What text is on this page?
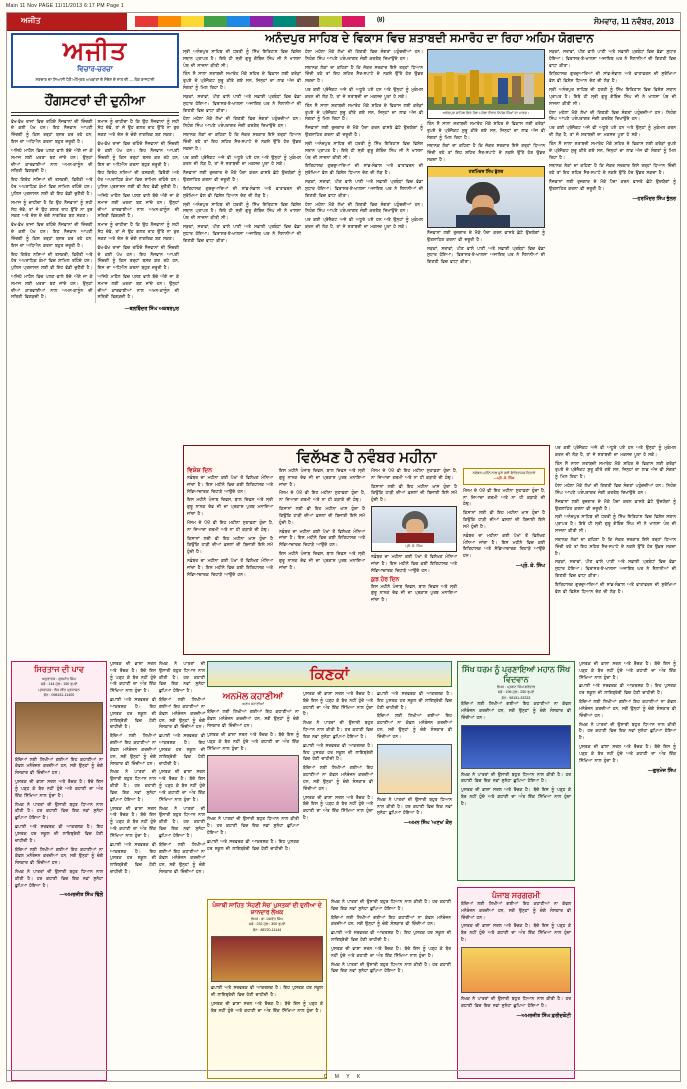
Main 11 Nov PAGE 11/11/2013 6:17 PM Page 1
ਅਜੀਤ	(੪)	ਸੋਮਵਾਰ, 11 ਨਵੰਬਰ, 2013
ਅਜੀਤ
ਵਿਚਾਰ-ਚਰਚਾ
ਸਰਦਾਰ ਦਾ ਸਿਆਸੀ ਪੈਰੋਂ ਅੰਮ੍ਰਿਤ ਅਖਬਾਰਾਂ ਦੇ ਸੰਦੇਸ਼ ਦੇ ਨਾਲ ਦੀ — ਲੋਕ ਰਾਜਧਾਨੀ
ਹੌਂਗਸਟਰਾਂ ਦੀ ਦੁਨੀਆ
ਵੱਖ-ਵੱਖ ਰਾਜਾਂ ਵਿਚ ਰਹਿੰਦੇ ਨੌਜਵਾਨਾਂ ਦੀ ਜ਼ਿੰਦਗੀ ਦੇ ਕਈ ਪੱਖ ਹਨ। ਇਹ ਨੌਜਵਾਨ ਆਪਣੀ ਜ਼ਿੰਦਗੀ ਨੂੰ ਕਿਸ ਤਰ੍ਹਾਂ ਬਸਰ ਕਰ ਰਹੇ ਹਨ, ਇਸ ਦਾ ਅਧਿਐਨ ਕਰਨਾ ਬਹੁਤ ਜ਼ਰੂਰੀ ਹੈ।
ਅਜਿਹੇ ਮਾਹੌਲ ਵਿਚ ਪਲਣ ਵਾਲੇ ਬੱਚੇ ਅੱਗੇ ਜਾ ਕੇ ਸਮਾਜ ਲਈ ਖ਼ਤਰਾ ਬਣ ਜਾਂਦੇ ਹਨ। ਉਨ੍ਹਾਂ ਦੀਆਂ ਕਾਰਵਾਈਆਂ ਨਾਲ ਅਮਨ-ਕਾਨੂੰਨ ਦੀ ਸਥਿਤੀ ਵਿਗੜਦੀ ਹੈ।
ਇਹ ਗਿਰੋਹ ਨਸ਼ਿਆਂ ਦੀ ਤਸਕਰੀ, ਫਿਰੌਤੀ ਅਤੇ ਹੋਰ ਅਪਰਾਧਿਕ ਕੰਮਾਂ ਵਿਚ ਸ਼ਾਮਿਲ ਰਹਿੰਦੇ ਹਨ। ਪੁਲਿਸ ਪ੍ਰਸ਼ਾਸਨ ਲਈ ਵੀ ਇਹ ਵੱਡੀ ਚੁਣੌਤੀ ਹੈ।
ਸਮਾਜ ਨੂੰ ਚਾਹੀਦਾ ਹੈ ਕਿ ਉਹ ਨੌਜਵਾਨਾਂ ਨੂੰ ਸਹੀ ਸੇਧ ਦੇਵੇ, ਤਾਂ ਜੋ ਉਹ ਗਲਤ ਰਾਹ ਉੱਤੇ ਨਾ ਤੁਰ ਸਕਣ ਅਤੇ ਦੇਸ਼ ਦੇ ਚੰਗੇ ਨਾਗਰਿਕ ਬਣ ਸਕਣ।
ਵੱਖ-ਵੱਖ ਰਾਜਾਂ ਵਿਚ ਰਹਿੰਦੇ ਨੌਜਵਾਨਾਂ ਦੀ ਜ਼ਿੰਦਗੀ ਦੇ ਕਈ ਪੱਖ ਹਨ। ਇਹ ਨੌਜਵਾਨ ਆਪਣੀ ਜ਼ਿੰਦਗੀ ਨੂੰ ਕਿਸ ਤਰ੍ਹਾਂ ਬਸਰ ਕਰ ਰਹੇ ਹਨ, ਇਸ ਦਾ ਅਧਿਐਨ ਕਰਨਾ ਬਹੁਤ ਜ਼ਰੂਰੀ ਹੈ।
ਇਹ ਗਿਰੋਹ ਨਸ਼ਿਆਂ ਦੀ ਤਸਕਰੀ, ਫਿਰੌਤੀ ਅਤੇ ਹੋਰ ਅਪਰਾਧਿਕ ਕੰਮਾਂ ਵਿਚ ਸ਼ਾਮਿਲ ਰਹਿੰਦੇ ਹਨ। ਪੁਲਿਸ ਪ੍ਰਸ਼ਾਸਨ ਲਈ ਵੀ ਇਹ ਵੱਡੀ ਚੁਣੌਤੀ ਹੈ।
ਅਜਿਹੇ ਮਾਹੌਲ ਵਿਚ ਪਲਣ ਵਾਲੇ ਬੱਚੇ ਅੱਗੇ ਜਾ ਕੇ ਸਮਾਜ ਲਈ ਖ਼ਤਰਾ ਬਣ ਜਾਂਦੇ ਹਨ। ਉਨ੍ਹਾਂ ਦੀਆਂ ਕਾਰਵਾਈਆਂ ਨਾਲ ਅਮਨ-ਕਾਨੂੰਨ ਦੀ ਸਥਿਤੀ ਵਿਗੜਦੀ ਹੈ।
ਸਮਾਜ ਨੂੰ ਚਾਹੀਦਾ ਹੈ ਕਿ ਉਹ ਨੌਜਵਾਨਾਂ ਨੂੰ ਸਹੀ ਸੇਧ ਦੇਵੇ, ਤਾਂ ਜੋ ਉਹ ਗਲਤ ਰਾਹ ਉੱਤੇ ਨਾ ਤੁਰ ਸਕਣ ਅਤੇ ਦੇਸ਼ ਦੇ ਚੰਗੇ ਨਾਗਰਿਕ ਬਣ ਸਕਣ।
ਵੱਖ-ਵੱਖ ਰਾਜਾਂ ਵਿਚ ਰਹਿੰਦੇ ਨੌਜਵਾਨਾਂ ਦੀ ਜ਼ਿੰਦਗੀ ਦੇ ਕਈ ਪੱਖ ਹਨ। ਇਹ ਨੌਜਵਾਨ ਆਪਣੀ ਜ਼ਿੰਦਗੀ ਨੂੰ ਕਿਸ ਤਰ੍ਹਾਂ ਬਸਰ ਕਰ ਰਹੇ ਹਨ, ਇਸ ਦਾ ਅਧਿਐਨ ਕਰਨਾ ਬਹੁਤ ਜ਼ਰੂਰੀ ਹੈ।
ਇਹ ਗਿਰੋਹ ਨਸ਼ਿਆਂ ਦੀ ਤਸਕਰੀ, ਫਿਰੌਤੀ ਅਤੇ ਹੋਰ ਅਪਰਾਧਿਕ ਕੰਮਾਂ ਵਿਚ ਸ਼ਾਮਿਲ ਰਹਿੰਦੇ ਹਨ। ਪੁਲਿਸ ਪ੍ਰਸ਼ਾਸਨ ਲਈ ਵੀ ਇਹ ਵੱਡੀ ਚੁਣੌਤੀ ਹੈ।
ਅਜਿਹੇ ਮਾਹੌਲ ਵਿਚ ਪਲਣ ਵਾਲੇ ਬੱਚੇ ਅੱਗੇ ਜਾ ਕੇ ਸਮਾਜ ਲਈ ਖ਼ਤਰਾ ਬਣ ਜਾਂਦੇ ਹਨ। ਉਨ੍ਹਾਂ ਦੀਆਂ ਕਾਰਵਾਈਆਂ ਨਾਲ ਅਮਨ-ਕਾਨੂੰਨ ਦੀ ਸਥਿਤੀ ਵਿਗੜਦੀ ਹੈ।
ਸਮਾਜ ਨੂੰ ਚਾਹੀਦਾ ਹੈ ਕਿ ਉਹ ਨੌਜਵਾਨਾਂ ਨੂੰ ਸਹੀ ਸੇਧ ਦੇਵੇ, ਤਾਂ ਜੋ ਉਹ ਗਲਤ ਰਾਹ ਉੱਤੇ ਨਾ ਤੁਰ ਸਕਣ ਅਤੇ ਦੇਸ਼ ਦੇ ਚੰਗੇ ਨਾਗਰਿਕ ਬਣ ਸਕਣ।
ਵੱਖ-ਵੱਖ ਰਾਜਾਂ ਵਿਚ ਰਹਿੰਦੇ ਨੌਜਵਾਨਾਂ ਦੀ ਜ਼ਿੰਦਗੀ ਦੇ ਕਈ ਪੱਖ ਹਨ। ਇਹ ਨੌਜਵਾਨ ਆਪਣੀ ਜ਼ਿੰਦਗੀ ਨੂੰ ਕਿਸ ਤਰ੍ਹਾਂ ਬਸਰ ਕਰ ਰਹੇ ਹਨ, ਇਸ ਦਾ ਅਧਿਐਨ ਕਰਨਾ ਬਹੁਤ ਜ਼ਰੂਰੀ ਹੈ।
ਅਜਿਹੇ ਮਾਹੌਲ ਵਿਚ ਪਲਣ ਵਾਲੇ ਬੱਚੇ ਅੱਗੇ ਜਾ ਕੇ ਸਮਾਜ ਲਈ ਖ਼ਤਰਾ ਬਣ ਜਾਂਦੇ ਹਨ। ਉਨ੍ਹਾਂ ਦੀਆਂ ਕਾਰਵਾਈਆਂ ਨਾਲ ਅਮਨ-ਕਾਨੂੰਨ ਦੀ ਸਥਿਤੀ ਵਿਗੜਦੀ ਹੈ।
—ਬਲਵਿੰਦਰ ਸਿੰਘ ਅਕਬਰਪੁਰ
ਅਨੰਦਪੁਰ ਸਾਹਿਬ ਦੇ ਵਿਕਾਸ ਵਿਚ ਸ਼ਤਾਬਦੀ ਸਮਾਰੋਹ ਦਾ ਰਿਹਾ ਅਹਿਮ ਯੋਗਦਾਨ
ਸ੍ਰੀ ਅਨੰਦਪੁਰ ਸਾਹਿਬ ਦੀ ਧਰਤੀ ਨੂੰ ਸਿੱਖ ਇਤਿਹਾਸ ਵਿਚ ਵਿਸ਼ੇਸ਼ ਸਥਾਨ ਪ੍ਰਾਪਤ ਹੈ। ਇਥੇ ਹੀ ਸ੍ਰੀ ਗੁਰੂ ਗੋਬਿੰਦ ਸਿੰਘ ਜੀ ਨੇ ਖਾਲਸਾ ਪੰਥ ਦੀ ਸਾਜਨਾ ਕੀਤੀ ਸੀ।
ਤਿੰਨ ਸੌ ਸਾਲਾ ਸ਼ਤਾਬਦੀ ਸਮਾਰੋਹ ਮੌਕੇ ਸ਼ਹਿਰ ਦੇ ਵਿਕਾਸ ਲਈ ਕਰੋੜਾਂ ਰੁਪਏ ਦੇ ਪ੍ਰੋਜੈਕਟ ਸ਼ੁਰੂ ਕੀਤੇ ਗਏ ਸਨ, ਜਿਨ੍ਹਾਂ ਦਾ ਲਾਭ ਅੱਜ ਵੀ ਸੰਗਤਾਂ ਨੂੰ ਮਿਲ ਰਿਹਾ ਹੈ।
ਸੜਕਾਂ, ਸਰਾਵਾਂ, ਪੀਣ ਵਾਲੇ ਪਾਣੀ ਅਤੇ ਸਫ਼ਾਈ ਪ੍ਰਬੰਧਾਂ ਵਿਚ ਵੱਡਾ ਸੁਧਾਰ ਹੋਇਆ। ਵਿਰਾਸਤ-ਏ-ਖਾਲਸਾ ਅਜਾਇਬ ਘਰ ਨੇ ਸੈਲਾਨੀਆਂ ਦੀ ਗਿਣਤੀ ਵਿਚ ਵਾਧਾ ਕੀਤਾ।
ਹੋਲਾ ਮਹੱਲਾ ਮੌਕੇ ਲੱਖਾਂ ਦੀ ਗਿਣਤੀ ਵਿਚ ਸੰਗਤਾਂ ਪਹੁੰਚਦੀਆਂ ਹਨ। ਨਿਹੰਗ ਸਿੰਘ ਆਪਣੇ ਪਰੰਪਰਾਗਤ ਜੰਗੀ ਕਰਤੱਬ ਦਿਖਾਉਂਦੇ ਹਨ।
ਸਥਾਨਕ ਲੋਕਾਂ ਦਾ ਕਹਿਣਾ ਹੈ ਕਿ ਜੇਕਰ ਸਰਕਾਰ ਇਸੇ ਤਰ੍ਹਾਂ ਧਿਆਨ ਦਿੰਦੀ ਰਹੇ ਤਾਂ ਇਹ ਸ਼ਹਿਰ ਸੈਰ-ਸਪਾਟੇ ਦੇ ਨਕਸ਼ੇ ਉੱਤੇ ਹੋਰ ਉਭਰ ਸਕਦਾ ਹੈ।
ਪਰ ਕਈ ਪ੍ਰੋਜੈਕਟ ਅਜੇ ਵੀ ਅਧੂਰੇ ਪਏ ਹਨ ਅਤੇ ਉਨ੍ਹਾਂ ਨੂੰ ਮੁਕੰਮਲ ਕਰਨ ਦੀ ਲੋੜ ਹੈ, ਤਾਂ ਜੋ ਸ਼ਤਾਬਦੀ ਦਾ ਮਕਸਦ ਪੂਰਾ ਹੋ ਸਕੇ।
ਨੌਜਵਾਨਾਂ ਲਈ ਰੁਜ਼ਗਾਰ ਦੇ ਮੌਕੇ ਪੈਦਾ ਕਰਨ ਵਾਸਤੇ ਛੋਟੇ ਉਦਯੋਗਾਂ ਨੂੰ ਉਤਸ਼ਾਹਿਤ ਕਰਨਾ ਵੀ ਜ਼ਰੂਰੀ ਹੈ।
ਇਤਿਹਾਸਕ ਗੁਰਦੁਆਰਿਆਂ ਦੀ ਸਾਂਭ-ਸੰਭਾਲ ਅਤੇ ਵਾਤਾਵਰਨ ਦੀ ਸੁਰੱਖਿਆ ਵੱਲ ਵੀ ਵਿਸ਼ੇਸ਼ ਧਿਆਨ ਦੇਣ ਦੀ ਲੋੜ ਹੈ।
ਸ੍ਰੀ ਅਨੰਦਪੁਰ ਸਾਹਿਬ ਦੀ ਧਰਤੀ ਨੂੰ ਸਿੱਖ ਇਤਿਹਾਸ ਵਿਚ ਵਿਸ਼ੇਸ਼ ਸਥਾਨ ਪ੍ਰਾਪਤ ਹੈ। ਇਥੇ ਹੀ ਸ੍ਰੀ ਗੁਰੂ ਗੋਬਿੰਦ ਸਿੰਘ ਜੀ ਨੇ ਖਾਲਸਾ ਪੰਥ ਦੀ ਸਾਜਨਾ ਕੀਤੀ ਸੀ।
ਸੜਕਾਂ, ਸਰਾਵਾਂ, ਪੀਣ ਵਾਲੇ ਪਾਣੀ ਅਤੇ ਸਫ਼ਾਈ ਪ੍ਰਬੰਧਾਂ ਵਿਚ ਵੱਡਾ ਸੁਧਾਰ ਹੋਇਆ। ਵਿਰਾਸਤ-ਏ-ਖਾਲਸਾ ਅਜਾਇਬ ਘਰ ਨੇ ਸੈਲਾਨੀਆਂ ਦੀ ਗਿਣਤੀ ਵਿਚ ਵਾਧਾ ਕੀਤਾ।
ਹੋਲਾ ਮਹੱਲਾ ਮੌਕੇ ਲੱਖਾਂ ਦੀ ਗਿਣਤੀ ਵਿਚ ਸੰਗਤਾਂ ਪਹੁੰਚਦੀਆਂ ਹਨ। ਨਿਹੰਗ ਸਿੰਘ ਆਪਣੇ ਪਰੰਪਰਾਗਤ ਜੰਗੀ ਕਰਤੱਬ ਦਿਖਾਉਂਦੇ ਹਨ।
ਸਥਾਨਕ ਲੋਕਾਂ ਦਾ ਕਹਿਣਾ ਹੈ ਕਿ ਜੇਕਰ ਸਰਕਾਰ ਇਸੇ ਤਰ੍ਹਾਂ ਧਿਆਨ ਦਿੰਦੀ ਰਹੇ ਤਾਂ ਇਹ ਸ਼ਹਿਰ ਸੈਰ-ਸਪਾਟੇ ਦੇ ਨਕਸ਼ੇ ਉੱਤੇ ਹੋਰ ਉਭਰ ਸਕਦਾ ਹੈ।
ਪਰ ਕਈ ਪ੍ਰੋਜੈਕਟ ਅਜੇ ਵੀ ਅਧੂਰੇ ਪਏ ਹਨ ਅਤੇ ਉਨ੍ਹਾਂ ਨੂੰ ਮੁਕੰਮਲ ਕਰਨ ਦੀ ਲੋੜ ਹੈ, ਤਾਂ ਜੋ ਸ਼ਤਾਬਦੀ ਦਾ ਮਕਸਦ ਪੂਰਾ ਹੋ ਸਕੇ।
ਤਿੰਨ ਸੌ ਸਾਲਾ ਸ਼ਤਾਬਦੀ ਸਮਾਰੋਹ ਮੌਕੇ ਸ਼ਹਿਰ ਦੇ ਵਿਕਾਸ ਲਈ ਕਰੋੜਾਂ ਰੁਪਏ ਦੇ ਪ੍ਰੋਜੈਕਟ ਸ਼ੁਰੂ ਕੀਤੇ ਗਏ ਸਨ, ਜਿਨ੍ਹਾਂ ਦਾ ਲਾਭ ਅੱਜ ਵੀ ਸੰਗਤਾਂ ਨੂੰ ਮਿਲ ਰਿਹਾ ਹੈ।
ਨੌਜਵਾਨਾਂ ਲਈ ਰੁਜ਼ਗਾਰ ਦੇ ਮੌਕੇ ਪੈਦਾ ਕਰਨ ਵਾਸਤੇ ਛੋਟੇ ਉਦਯੋਗਾਂ ਨੂੰ ਉਤਸ਼ਾਹਿਤ ਕਰਨਾ ਵੀ ਜ਼ਰੂਰੀ ਹੈ।
ਸ੍ਰੀ ਅਨੰਦਪੁਰ ਸਾਹਿਬ ਦੀ ਧਰਤੀ ਨੂੰ ਸਿੱਖ ਇਤਿਹਾਸ ਵਿਚ ਵਿਸ਼ੇਸ਼ ਸਥਾਨ ਪ੍ਰਾਪਤ ਹੈ। ਇਥੇ ਹੀ ਸ੍ਰੀ ਗੁਰੂ ਗੋਬਿੰਦ ਸਿੰਘ ਜੀ ਨੇ ਖਾਲਸਾ ਪੰਥ ਦੀ ਸਾਜਨਾ ਕੀਤੀ ਸੀ।
ਇਤਿਹਾਸਕ ਗੁਰਦੁਆਰਿਆਂ ਦੀ ਸਾਂਭ-ਸੰਭਾਲ ਅਤੇ ਵਾਤਾਵਰਨ ਦੀ ਸੁਰੱਖਿਆ ਵੱਲ ਵੀ ਵਿਸ਼ੇਸ਼ ਧਿਆਨ ਦੇਣ ਦੀ ਲੋੜ ਹੈ।
ਸੜਕਾਂ, ਸਰਾਵਾਂ, ਪੀਣ ਵਾਲੇ ਪਾਣੀ ਅਤੇ ਸਫ਼ਾਈ ਪ੍ਰਬੰਧਾਂ ਵਿਚ ਵੱਡਾ ਸੁਧਾਰ ਹੋਇਆ। ਵਿਰਾਸਤ-ਏ-ਖਾਲਸਾ ਅਜਾਇਬ ਘਰ ਨੇ ਸੈਲਾਨੀਆਂ ਦੀ ਗਿਣਤੀ ਵਿਚ ਵਾਧਾ ਕੀਤਾ।
ਹੋਲਾ ਮਹੱਲਾ ਮੌਕੇ ਲੱਖਾਂ ਦੀ ਗਿਣਤੀ ਵਿਚ ਸੰਗਤਾਂ ਪਹੁੰਚਦੀਆਂ ਹਨ। ਨਿਹੰਗ ਸਿੰਘ ਆਪਣੇ ਪਰੰਪਰਾਗਤ ਜੰਗੀ ਕਰਤੱਬ ਦਿਖਾਉਂਦੇ ਹਨ।
ਪਰ ਕਈ ਪ੍ਰੋਜੈਕਟ ਅਜੇ ਵੀ ਅਧੂਰੇ ਪਏ ਹਨ ਅਤੇ ਉਨ੍ਹਾਂ ਨੂੰ ਮੁਕੰਮਲ ਕਰਨ ਦੀ ਲੋੜ ਹੈ, ਤਾਂ ਜੋ ਸ਼ਤਾਬਦੀ ਦਾ ਮਕਸਦ ਪੂਰਾ ਹੋ ਸਕੇ।
ਅਨੰਦਪੁਰ ਸਾਹਿਬ ਵਿਖੇ ਹੋਲਾ ਮਹੱਲਾ ਦੌਰਾਨ ਨਿਹੰਗ ਸਿੰਘਾਂ ਦਾ ਮਾਰਚ।
ਤਿੰਨ ਸੌ ਸਾਲਾ ਸ਼ਤਾਬਦੀ ਸਮਾਰੋਹ ਮੌਕੇ ਸ਼ਹਿਰ ਦੇ ਵਿਕਾਸ ਲਈ ਕਰੋੜਾਂ ਰੁਪਏ ਦੇ ਪ੍ਰੋਜੈਕਟ ਸ਼ੁਰੂ ਕੀਤੇ ਗਏ ਸਨ, ਜਿਨ੍ਹਾਂ ਦਾ ਲਾਭ ਅੱਜ ਵੀ ਸੰਗਤਾਂ ਨੂੰ ਮਿਲ ਰਿਹਾ ਹੈ।
ਸਥਾਨਕ ਲੋਕਾਂ ਦਾ ਕਹਿਣਾ ਹੈ ਕਿ ਜੇਕਰ ਸਰਕਾਰ ਇਸੇ ਤਰ੍ਹਾਂ ਧਿਆਨ ਦਿੰਦੀ ਰਹੇ ਤਾਂ ਇਹ ਸ਼ਹਿਰ ਸੈਰ-ਸਪਾਟੇ ਦੇ ਨਕਸ਼ੇ ਉੱਤੇ ਹੋਰ ਉਭਰ ਸਕਦਾ ਹੈ।
ਹਰਮਿੰਦਰ ਸਿੰਘ ਭੁੱਲਰ
ਨੌਜਵਾਨਾਂ ਲਈ ਰੁਜ਼ਗਾਰ ਦੇ ਮੌਕੇ ਪੈਦਾ ਕਰਨ ਵਾਸਤੇ ਛੋਟੇ ਉਦਯੋਗਾਂ ਨੂੰ ਉਤਸ਼ਾਹਿਤ ਕਰਨਾ ਵੀ ਜ਼ਰੂਰੀ ਹੈ।
ਸੜਕਾਂ, ਸਰਾਵਾਂ, ਪੀਣ ਵਾਲੇ ਪਾਣੀ ਅਤੇ ਸਫ਼ਾਈ ਪ੍ਰਬੰਧਾਂ ਵਿਚ ਵੱਡਾ ਸੁਧਾਰ ਹੋਇਆ। ਵਿਰਾਸਤ-ਏ-ਖਾਲਸਾ ਅਜਾਇਬ ਘਰ ਨੇ ਸੈਲਾਨੀਆਂ ਦੀ ਗਿਣਤੀ ਵਿਚ ਵਾਧਾ ਕੀਤਾ।
ਸੜਕਾਂ, ਸਰਾਵਾਂ, ਪੀਣ ਵਾਲੇ ਪਾਣੀ ਅਤੇ ਸਫ਼ਾਈ ਪ੍ਰਬੰਧਾਂ ਵਿਚ ਵੱਡਾ ਸੁਧਾਰ ਹੋਇਆ। ਵਿਰਾਸਤ-ਏ-ਖਾਲਸਾ ਅਜਾਇਬ ਘਰ ਨੇ ਸੈਲਾਨੀਆਂ ਦੀ ਗਿਣਤੀ ਵਿਚ ਵਾਧਾ ਕੀਤਾ।
ਇਤਿਹਾਸਕ ਗੁਰਦੁਆਰਿਆਂ ਦੀ ਸਾਂਭ-ਸੰਭਾਲ ਅਤੇ ਵਾਤਾਵਰਨ ਦੀ ਸੁਰੱਖਿਆ ਵੱਲ ਵੀ ਵਿਸ਼ੇਸ਼ ਧਿਆਨ ਦੇਣ ਦੀ ਲੋੜ ਹੈ।
ਸ੍ਰੀ ਅਨੰਦਪੁਰ ਸਾਹਿਬ ਦੀ ਧਰਤੀ ਨੂੰ ਸਿੱਖ ਇਤਿਹਾਸ ਵਿਚ ਵਿਸ਼ੇਸ਼ ਸਥਾਨ ਪ੍ਰਾਪਤ ਹੈ। ਇਥੇ ਹੀ ਸ੍ਰੀ ਗੁਰੂ ਗੋਬਿੰਦ ਸਿੰਘ ਜੀ ਨੇ ਖਾਲਸਾ ਪੰਥ ਦੀ ਸਾਜਨਾ ਕੀਤੀ ਸੀ।
ਹੋਲਾ ਮਹੱਲਾ ਮੌਕੇ ਲੱਖਾਂ ਦੀ ਗਿਣਤੀ ਵਿਚ ਸੰਗਤਾਂ ਪਹੁੰਚਦੀਆਂ ਹਨ। ਨਿਹੰਗ ਸਿੰਘ ਆਪਣੇ ਪਰੰਪਰਾਗਤ ਜੰਗੀ ਕਰਤੱਬ ਦਿਖਾਉਂਦੇ ਹਨ।
ਪਰ ਕਈ ਪ੍ਰੋਜੈਕਟ ਅਜੇ ਵੀ ਅਧੂਰੇ ਪਏ ਹਨ ਅਤੇ ਉਨ੍ਹਾਂ ਨੂੰ ਮੁਕੰਮਲ ਕਰਨ ਦੀ ਲੋੜ ਹੈ, ਤਾਂ ਜੋ ਸ਼ਤਾਬਦੀ ਦਾ ਮਕਸਦ ਪੂਰਾ ਹੋ ਸਕੇ।
ਤਿੰਨ ਸੌ ਸਾਲਾ ਸ਼ਤਾਬਦੀ ਸਮਾਰੋਹ ਮੌਕੇ ਸ਼ਹਿਰ ਦੇ ਵਿਕਾਸ ਲਈ ਕਰੋੜਾਂ ਰੁਪਏ ਦੇ ਪ੍ਰੋਜੈਕਟ ਸ਼ੁਰੂ ਕੀਤੇ ਗਏ ਸਨ, ਜਿਨ੍ਹਾਂ ਦਾ ਲਾਭ ਅੱਜ ਵੀ ਸੰਗਤਾਂ ਨੂੰ ਮਿਲ ਰਿਹਾ ਹੈ।
ਸਥਾਨਕ ਲੋਕਾਂ ਦਾ ਕਹਿਣਾ ਹੈ ਕਿ ਜੇਕਰ ਸਰਕਾਰ ਇਸੇ ਤਰ੍ਹਾਂ ਧਿਆਨ ਦਿੰਦੀ ਰਹੇ ਤਾਂ ਇਹ ਸ਼ਹਿਰ ਸੈਰ-ਸਪਾਟੇ ਦੇ ਨਕਸ਼ੇ ਉੱਤੇ ਹੋਰ ਉਭਰ ਸਕਦਾ ਹੈ।
ਨੌਜਵਾਨਾਂ ਲਈ ਰੁਜ਼ਗਾਰ ਦੇ ਮੌਕੇ ਪੈਦਾ ਕਰਨ ਵਾਸਤੇ ਛੋਟੇ ਉਦਯੋਗਾਂ ਨੂੰ ਉਤਸ਼ਾਹਿਤ ਕਰਨਾ ਵੀ ਜ਼ਰੂਰੀ ਹੈ।
—ਹਰਮਿੰਦਰ ਸਿੰਘ ਭੁੱਲਰ
ਵਿਲੱਖਣ ਹੈ ਨਵੰਬਰ ਮਹੀਨਾ
ਵਿਸ਼ੇਸ਼ ਦਿਨ
ਨਵੰਬਰ ਦਾ ਮਹੀਨਾ ਕਈ ਪੱਖਾਂ ਤੋਂ ਵਿਲੱਖਣ ਮੰਨਿਆ ਜਾਂਦਾ ਹੈ। ਇਸ ਮਹੀਨੇ ਵਿਚ ਕਈ ਇਤਿਹਾਸਕ ਅਤੇ ਸੱਭਿਆਚਾਰਕ ਦਿਹਾੜੇ ਆਉਂਦੇ ਹਨ।
ਇਸ ਮਹੀਨੇ ਪੰਜਾਬ ਦਿਵਸ, ਬਾਲ ਦਿਵਸ ਅਤੇ ਸ੍ਰੀ ਗੁਰੂ ਨਾਨਕ ਦੇਵ ਜੀ ਦਾ ਪ੍ਰਕਾਸ਼ ਪੁਰਬ ਮਨਾਇਆ ਜਾਂਦਾ ਹੈ।
ਮੌਸਮ ਦੇ ਪੱਖੋਂ ਵੀ ਇਹ ਮਹੀਨਾ ਸੁਹਾਵਣਾ ਹੁੰਦਾ ਹੈ, ਨਾ ਜ਼ਿਆਦਾ ਗਰਮੀ ਅਤੇ ਨਾ ਹੀ ਕੜਾਕੇ ਦੀ ਠੰਢ।
ਕਿਸਾਨਾਂ ਲਈ ਵੀ ਇਹ ਮਹੀਨਾ ਖ਼ਾਸ ਹੁੰਦਾ ਹੈ ਕਿਉਂਕਿ ਹਾੜੀ ਦੀਆਂ ਫ਼ਸਲਾਂ ਦੀ ਬਿਜਾਈ ਇਸੇ ਸਮੇਂ ਹੁੰਦੀ ਹੈ।
ਨਵੰਬਰ ਦਾ ਮਹੀਨਾ ਕਈ ਪੱਖਾਂ ਤੋਂ ਵਿਲੱਖਣ ਮੰਨਿਆ ਜਾਂਦਾ ਹੈ। ਇਸ ਮਹੀਨੇ ਵਿਚ ਕਈ ਇਤਿਹਾਸਕ ਅਤੇ ਸੱਭਿਆਚਾਰਕ ਦਿਹਾੜੇ ਆਉਂਦੇ ਹਨ।
ਇਸ ਮਹੀਨੇ ਪੰਜਾਬ ਦਿਵਸ, ਬਾਲ ਦਿਵਸ ਅਤੇ ਸ੍ਰੀ ਗੁਰੂ ਨਾਨਕ ਦੇਵ ਜੀ ਦਾ ਪ੍ਰਕਾਸ਼ ਪੁਰਬ ਮਨਾਇਆ ਜਾਂਦਾ ਹੈ।
ਮੌਸਮ ਦੇ ਪੱਖੋਂ ਵੀ ਇਹ ਮਹੀਨਾ ਸੁਹਾਵਣਾ ਹੁੰਦਾ ਹੈ, ਨਾ ਜ਼ਿਆਦਾ ਗਰਮੀ ਅਤੇ ਨਾ ਹੀ ਕੜਾਕੇ ਦੀ ਠੰਢ।
ਕਿਸਾਨਾਂ ਲਈ ਵੀ ਇਹ ਮਹੀਨਾ ਖ਼ਾਸ ਹੁੰਦਾ ਹੈ ਕਿਉਂਕਿ ਹਾੜੀ ਦੀਆਂ ਫ਼ਸਲਾਂ ਦੀ ਬਿਜਾਈ ਇਸੇ ਸਮੇਂ ਹੁੰਦੀ ਹੈ।
ਨਵੰਬਰ ਦਾ ਮਹੀਨਾ ਕਈ ਪੱਖਾਂ ਤੋਂ ਵਿਲੱਖਣ ਮੰਨਿਆ ਜਾਂਦਾ ਹੈ। ਇਸ ਮਹੀਨੇ ਵਿਚ ਕਈ ਇਤਿਹਾਸਕ ਅਤੇ ਸੱਭਿਆਚਾਰਕ ਦਿਹਾੜੇ ਆਉਂਦੇ ਹਨ।
ਇਸ ਮਹੀਨੇ ਪੰਜਾਬ ਦਿਵਸ, ਬਾਲ ਦਿਵਸ ਅਤੇ ਸ੍ਰੀ ਗੁਰੂ ਨਾਨਕ ਦੇਵ ਜੀ ਦਾ ਪ੍ਰਕਾਸ਼ ਪੁਰਬ ਮਨਾਇਆ ਜਾਂਦਾ ਹੈ।
ਮੌਸਮ ਦੇ ਪੱਖੋਂ ਵੀ ਇਹ ਮਹੀਨਾ ਸੁਹਾਵਣਾ ਹੁੰਦਾ ਹੈ, ਨਾ ਜ਼ਿਆਦਾ ਗਰਮੀ ਅਤੇ ਨਾ ਹੀ ਕੜਾਕੇ ਦੀ ਠੰਢ।
ਕਿਸਾਨਾਂ ਲਈ ਵੀ ਇਹ ਮਹੀਨਾ ਖ਼ਾਸ ਹੁੰਦਾ ਹੈ ਕਿਉਂਕਿ ਹਾੜੀ ਦੀਆਂ ਫ਼ਸਲਾਂ ਦੀ ਬਿਜਾਈ ਇਸੇ ਸਮੇਂ ਹੁੰਦੀ ਹੈ।
ਪ੍ਰੋ. ਕੇ. ਸਿੰਘ
ਨਵੰਬਰ ਦਾ ਮਹੀਨਾ ਕਈ ਪੱਖਾਂ ਤੋਂ ਵਿਲੱਖਣ ਮੰਨਿਆ ਜਾਂਦਾ ਹੈ। ਇਸ ਮਹੀਨੇ ਵਿਚ ਕਈ ਇਤਿਹਾਸਕ ਅਤੇ ਸੱਭਿਆਚਾਰਕ ਦਿਹਾੜੇ ਆਉਂਦੇ ਹਨ।
ਕੁਝ ਹੋਰ ਦਿਨ
ਇਸ ਮਹੀਨੇ ਪੰਜਾਬ ਦਿਵਸ, ਬਾਲ ਦਿਵਸ ਅਤੇ ਸ੍ਰੀ ਗੁਰੂ ਨਾਨਕ ਦੇਵ ਜੀ ਦਾ ਪ੍ਰਕਾਸ਼ ਪੁਰਬ ਮਨਾਇਆ ਜਾਂਦਾ ਹੈ।
ਨਵੰਬਰ ਮਹੀਨੇ ਨਾਲ ਜੁੜੇ ਕਈ ਇਤਿਹਾਸਕ ਦਿਹਾੜੇ
—ਪ੍ਰੋ. ਕੇ. ਸਿੰਘ
ਮੌਸਮ ਦੇ ਪੱਖੋਂ ਵੀ ਇਹ ਮਹੀਨਾ ਸੁਹਾਵਣਾ ਹੁੰਦਾ ਹੈ, ਨਾ ਜ਼ਿਆਦਾ ਗਰਮੀ ਅਤੇ ਨਾ ਹੀ ਕੜਾਕੇ ਦੀ ਠੰਢ।
ਕਿਸਾਨਾਂ ਲਈ ਵੀ ਇਹ ਮਹੀਨਾ ਖ਼ਾਸ ਹੁੰਦਾ ਹੈ ਕਿਉਂਕਿ ਹਾੜੀ ਦੀਆਂ ਫ਼ਸਲਾਂ ਦੀ ਬਿਜਾਈ ਇਸੇ ਸਮੇਂ ਹੁੰਦੀ ਹੈ।
ਨਵੰਬਰ ਦਾ ਮਹੀਨਾ ਕਈ ਪੱਖਾਂ ਤੋਂ ਵਿਲੱਖਣ ਮੰਨਿਆ ਜਾਂਦਾ ਹੈ। ਇਸ ਮਹੀਨੇ ਵਿਚ ਕਈ ਇਤਿਹਾਸਕ ਅਤੇ ਸੱਭਿਆਚਾਰਕ ਦਿਹਾੜੇ ਆਉਂਦੇ ਹਨ।
—ਪ੍ਰੋ. ਕੇ. ਸਿੰਘ
ਪਰ ਕਈ ਪ੍ਰੋਜੈਕਟ ਅਜੇ ਵੀ ਅਧੂਰੇ ਪਏ ਹਨ ਅਤੇ ਉਨ੍ਹਾਂ ਨੂੰ ਮੁਕੰਮਲ ਕਰਨ ਦੀ ਲੋੜ ਹੈ, ਤਾਂ ਜੋ ਸ਼ਤਾਬਦੀ ਦਾ ਮਕਸਦ ਪੂਰਾ ਹੋ ਸਕੇ।
ਤਿੰਨ ਸੌ ਸਾਲਾ ਸ਼ਤਾਬਦੀ ਸਮਾਰੋਹ ਮੌਕੇ ਸ਼ਹਿਰ ਦੇ ਵਿਕਾਸ ਲਈ ਕਰੋੜਾਂ ਰੁਪਏ ਦੇ ਪ੍ਰੋਜੈਕਟ ਸ਼ੁਰੂ ਕੀਤੇ ਗਏ ਸਨ, ਜਿਨ੍ਹਾਂ ਦਾ ਲਾਭ ਅੱਜ ਵੀ ਸੰਗਤਾਂ ਨੂੰ ਮਿਲ ਰਿਹਾ ਹੈ।
ਹੋਲਾ ਮਹੱਲਾ ਮੌਕੇ ਲੱਖਾਂ ਦੀ ਗਿਣਤੀ ਵਿਚ ਸੰਗਤਾਂ ਪਹੁੰਚਦੀਆਂ ਹਨ। ਨਿਹੰਗ ਸਿੰਘ ਆਪਣੇ ਪਰੰਪਰਾਗਤ ਜੰਗੀ ਕਰਤੱਬ ਦਿਖਾਉਂਦੇ ਹਨ।
ਨੌਜਵਾਨਾਂ ਲਈ ਰੁਜ਼ਗਾਰ ਦੇ ਮੌਕੇ ਪੈਦਾ ਕਰਨ ਵਾਸਤੇ ਛੋਟੇ ਉਦਯੋਗਾਂ ਨੂੰ ਉਤਸ਼ਾਹਿਤ ਕਰਨਾ ਵੀ ਜ਼ਰੂਰੀ ਹੈ।
ਸ੍ਰੀ ਅਨੰਦਪੁਰ ਸਾਹਿਬ ਦੀ ਧਰਤੀ ਨੂੰ ਸਿੱਖ ਇਤਿਹਾਸ ਵਿਚ ਵਿਸ਼ੇਸ਼ ਸਥਾਨ ਪ੍ਰਾਪਤ ਹੈ। ਇਥੇ ਹੀ ਸ੍ਰੀ ਗੁਰੂ ਗੋਬਿੰਦ ਸਿੰਘ ਜੀ ਨੇ ਖਾਲਸਾ ਪੰਥ ਦੀ ਸਾਜਨਾ ਕੀਤੀ ਸੀ।
ਸਥਾਨਕ ਲੋਕਾਂ ਦਾ ਕਹਿਣਾ ਹੈ ਕਿ ਜੇਕਰ ਸਰਕਾਰ ਇਸੇ ਤਰ੍ਹਾਂ ਧਿਆਨ ਦਿੰਦੀ ਰਹੇ ਤਾਂ ਇਹ ਸ਼ਹਿਰ ਸੈਰ-ਸਪਾਟੇ ਦੇ ਨਕਸ਼ੇ ਉੱਤੇ ਹੋਰ ਉਭਰ ਸਕਦਾ ਹੈ।
ਸੜਕਾਂ, ਸਰਾਵਾਂ, ਪੀਣ ਵਾਲੇ ਪਾਣੀ ਅਤੇ ਸਫ਼ਾਈ ਪ੍ਰਬੰਧਾਂ ਵਿਚ ਵੱਡਾ ਸੁਧਾਰ ਹੋਇਆ। ਵਿਰਾਸਤ-ਏ-ਖਾਲਸਾ ਅਜਾਇਬ ਘਰ ਨੇ ਸੈਲਾਨੀਆਂ ਦੀ ਗਿਣਤੀ ਵਿਚ ਵਾਧਾ ਕੀਤਾ।
ਇਤਿਹਾਸਕ ਗੁਰਦੁਆਰਿਆਂ ਦੀ ਸਾਂਭ-ਸੰਭਾਲ ਅਤੇ ਵਾਤਾਵਰਨ ਦੀ ਸੁਰੱਖਿਆ ਵੱਲ ਵੀ ਵਿਸ਼ੇਸ਼ ਧਿਆਨ ਦੇਣ ਦੀ ਲੋੜ ਹੈ।
ਸਿਰਤਾਜ ਦੀ ਪਾਵ
ਅਨੁਵਾਦਕ : ਗੁਰਮੀਤ ਸਿੰਘ
ਸਫ਼ੇ : 144 ਮੁੱਲ : 150 ਰੁਪਏ
ਪ੍ਰਕਾਸ਼ਕ : ਲੋਕ ਗੀਤ ਪ੍ਰਕਾਸ਼ਨ
ਫ਼ੋਨ : 098151-11400
ਬੱਚਿਆਂ ਲਈ ਲਿਖੀਆਂ ਗਈਆਂ ਇਹ ਕਹਾਣੀਆਂ ਨਾ ਕੇਵਲ ਮਨੋਰੰਜਨ ਕਰਦੀਆਂ ਹਨ, ਸਗੋਂ ਉਨ੍ਹਾਂ ਨੂੰ ਚੰਗੇ ਸੰਸਕਾਰ ਵੀ ਦਿੰਦੀਆਂ ਹਨ।
ਪੁਸਤਕ ਦੀ ਭਾਸ਼ਾ ਸਰਲ ਅਤੇ ਰੌਚਕ ਹੈ। ਬੱਚੇ ਇਸ ਨੂੰ ਪੜ੍ਹ ਕੇ ਬੋਰ ਨਹੀਂ ਹੁੰਦੇ ਅਤੇ ਕਹਾਣੀ ਦਾ ਅੰਤ ਇੱਕ ਸਿੱਖਿਆ ਨਾਲ ਹੁੰਦਾ ਹੈ।
ਲੇਖਕ ਨੇ ਪਾਤਰਾਂ ਦੀ ਉਸਾਰੀ ਬਹੁਤ ਧਿਆਨ ਨਾਲ ਕੀਤੀ ਹੈ। ਹਰ ਕਹਾਣੀ ਵਿਚ ਇਕ ਨਵਾਂ ਸੁਨੇਹਾ ਛੁਪਿਆ ਹੋਇਆ ਹੈ।
ਛਪਾਈ ਅਤੇ ਸਰਵਰਕ ਵੀ ਆਕਰਸ਼ਕ ਹੈ। ਇਹ ਪੁਸਤਕ ਹਰ ਸਕੂਲ ਦੀ ਲਾਇਬ੍ਰੇਰੀ ਵਿਚ ਹੋਣੀ ਚਾਹੀਦੀ ਹੈ।
ਬੱਚਿਆਂ ਲਈ ਲਿਖੀਆਂ ਗਈਆਂ ਇਹ ਕਹਾਣੀਆਂ ਨਾ ਕੇਵਲ ਮਨੋਰੰਜਨ ਕਰਦੀਆਂ ਹਨ, ਸਗੋਂ ਉਨ੍ਹਾਂ ਨੂੰ ਚੰਗੇ ਸੰਸਕਾਰ ਵੀ ਦਿੰਦੀਆਂ ਹਨ।
ਲੇਖਕ ਨੇ ਪਾਤਰਾਂ ਦੀ ਉਸਾਰੀ ਬਹੁਤ ਧਿਆਨ ਨਾਲ ਕੀਤੀ ਹੈ। ਹਰ ਕਹਾਣੀ ਵਿਚ ਇਕ ਨਵਾਂ ਸੁਨੇਹਾ ਛੁਪਿਆ ਹੋਇਆ ਹੈ।
—ਅਮਰਜੀਤ ਸਿੰਘ ਢਿੱਲੋਂ
ਪੁਸਤਕ ਦੀ ਭਾਸ਼ਾ ਸਰਲ ਅਤੇ ਰੌਚਕ ਹੈ। ਬੱਚੇ ਇਸ ਨੂੰ ਪੜ੍ਹ ਕੇ ਬੋਰ ਨਹੀਂ ਹੁੰਦੇ ਅਤੇ ਕਹਾਣੀ ਦਾ ਅੰਤ ਇੱਕ ਸਿੱਖਿਆ ਨਾਲ ਹੁੰਦਾ ਹੈ।
ਛਪਾਈ ਅਤੇ ਸਰਵਰਕ ਵੀ ਆਕਰਸ਼ਕ ਹੈ। ਇਹ ਪੁਸਤਕ ਹਰ ਸਕੂਲ ਦੀ ਲਾਇਬ੍ਰੇਰੀ ਵਿਚ ਹੋਣੀ ਚਾਹੀਦੀ ਹੈ।
ਬੱਚਿਆਂ ਲਈ ਲਿਖੀਆਂ ਗਈਆਂ ਇਹ ਕਹਾਣੀਆਂ ਨਾ ਕੇਵਲ ਮਨੋਰੰਜਨ ਕਰਦੀਆਂ ਹਨ, ਸਗੋਂ ਉਨ੍ਹਾਂ ਨੂੰ ਚੰਗੇ ਸੰਸਕਾਰ ਵੀ ਦਿੰਦੀਆਂ ਹਨ।
ਲੇਖਕ ਨੇ ਪਾਤਰਾਂ ਦੀ ਉਸਾਰੀ ਬਹੁਤ ਧਿਆਨ ਨਾਲ ਕੀਤੀ ਹੈ। ਹਰ ਕਹਾਣੀ ਵਿਚ ਇਕ ਨਵਾਂ ਸੁਨੇਹਾ ਛੁਪਿਆ ਹੋਇਆ ਹੈ।
ਪੁਸਤਕ ਦੀ ਭਾਸ਼ਾ ਸਰਲ ਅਤੇ ਰੌਚਕ ਹੈ। ਬੱਚੇ ਇਸ ਨੂੰ ਪੜ੍ਹ ਕੇ ਬੋਰ ਨਹੀਂ ਹੁੰਦੇ ਅਤੇ ਕਹਾਣੀ ਦਾ ਅੰਤ ਇੱਕ ਸਿੱਖਿਆ ਨਾਲ ਹੁੰਦਾ ਹੈ।
ਛਪਾਈ ਅਤੇ ਸਰਵਰਕ ਵੀ ਆਕਰਸ਼ਕ ਹੈ। ਇਹ ਪੁਸਤਕ ਹਰ ਸਕੂਲ ਦੀ ਲਾਇਬ੍ਰੇਰੀ ਵਿਚ ਹੋਣੀ ਚਾਹੀਦੀ ਹੈ।
ਲੇਖਕ ਨੇ ਪਾਤਰਾਂ ਦੀ ਉਸਾਰੀ ਬਹੁਤ ਧਿਆਨ ਨਾਲ ਕੀਤੀ ਹੈ। ਹਰ ਕਹਾਣੀ ਵਿਚ ਇਕ ਨਵਾਂ ਸੁਨੇਹਾ ਛੁਪਿਆ ਹੋਇਆ ਹੈ।
ਬੱਚਿਆਂ ਲਈ ਲਿਖੀਆਂ ਗਈਆਂ ਇਹ ਕਹਾਣੀਆਂ ਨਾ ਕੇਵਲ ਮਨੋਰੰਜਨ ਕਰਦੀਆਂ ਹਨ, ਸਗੋਂ ਉਨ੍ਹਾਂ ਨੂੰ ਚੰਗੇ ਸੰਸਕਾਰ ਵੀ ਦਿੰਦੀਆਂ ਹਨ।
ਛਪਾਈ ਅਤੇ ਸਰਵਰਕ ਵੀ ਆਕਰਸ਼ਕ ਹੈ। ਇਹ ਪੁਸਤਕ ਹਰ ਸਕੂਲ ਦੀ ਲਾਇਬ੍ਰੇਰੀ ਵਿਚ ਹੋਣੀ ਚਾਹੀਦੀ ਹੈ।
ਪੁਸਤਕ ਦੀ ਭਾਸ਼ਾ ਸਰਲ ਅਤੇ ਰੌਚਕ ਹੈ। ਬੱਚੇ ਇਸ ਨੂੰ ਪੜ੍ਹ ਕੇ ਬੋਰ ਨਹੀਂ ਹੁੰਦੇ ਅਤੇ ਕਹਾਣੀ ਦਾ ਅੰਤ ਇੱਕ ਸਿੱਖਿਆ ਨਾਲ ਹੁੰਦਾ ਹੈ।
ਲੇਖਕ ਨੇ ਪਾਤਰਾਂ ਦੀ ਉਸਾਰੀ ਬਹੁਤ ਧਿਆਨ ਨਾਲ ਕੀਤੀ ਹੈ। ਹਰ ਕਹਾਣੀ ਵਿਚ ਇਕ ਨਵਾਂ ਸੁਨੇਹਾ ਛੁਪਿਆ ਹੋਇਆ ਹੈ।
ਬੱਚਿਆਂ ਲਈ ਲਿਖੀਆਂ ਗਈਆਂ ਇਹ ਕਹਾਣੀਆਂ ਨਾ ਕੇਵਲ ਮਨੋਰੰਜਨ ਕਰਦੀਆਂ ਹਨ, ਸਗੋਂ ਉਨ੍ਹਾਂ ਨੂੰ ਚੰਗੇ ਸੰਸਕਾਰ ਵੀ ਦਿੰਦੀਆਂ ਹਨ।
ਕਿਣਕਾਂ
ਅਨਮੋਲ ਕਹਾਣੀਆਂ
ਅਣਖ ਕਹਾਣੀਆਂ
ਬੱਚਿਆਂ ਲਈ ਲਿਖੀਆਂ ਗਈਆਂ ਇਹ ਕਹਾਣੀਆਂ ਨਾ ਕੇਵਲ ਮਨੋਰੰਜਨ ਕਰਦੀਆਂ ਹਨ, ਸਗੋਂ ਉਨ੍ਹਾਂ ਨੂੰ ਚੰਗੇ ਸੰਸਕਾਰ ਵੀ ਦਿੰਦੀਆਂ ਹਨ।
ਪੁਸਤਕ ਦੀ ਭਾਸ਼ਾ ਸਰਲ ਅਤੇ ਰੌਚਕ ਹੈ। ਬੱਚੇ ਇਸ ਨੂੰ ਪੜ੍ਹ ਕੇ ਬੋਰ ਨਹੀਂ ਹੁੰਦੇ ਅਤੇ ਕਹਾਣੀ ਦਾ ਅੰਤ ਇੱਕ ਸਿੱਖਿਆ ਨਾਲ ਹੁੰਦਾ ਹੈ।
ਲੇਖਕ ਨੇ ਪਾਤਰਾਂ ਦੀ ਉਸਾਰੀ ਬਹੁਤ ਧਿਆਨ ਨਾਲ ਕੀਤੀ ਹੈ। ਹਰ ਕਹਾਣੀ ਵਿਚ ਇਕ ਨਵਾਂ ਸੁਨੇਹਾ ਛੁਪਿਆ ਹੋਇਆ ਹੈ।
ਛਪਾਈ ਅਤੇ ਸਰਵਰਕ ਵੀ ਆਕਰਸ਼ਕ ਹੈ। ਇਹ ਪੁਸਤਕ ਹਰ ਸਕੂਲ ਦੀ ਲਾਇਬ੍ਰੇਰੀ ਵਿਚ ਹੋਣੀ ਚਾਹੀਦੀ ਹੈ।
ਪੁਸਤਕ ਦੀ ਭਾਸ਼ਾ ਸਰਲ ਅਤੇ ਰੌਚਕ ਹੈ। ਬੱਚੇ ਇਸ ਨੂੰ ਪੜ੍ਹ ਕੇ ਬੋਰ ਨਹੀਂ ਹੁੰਦੇ ਅਤੇ ਕਹਾਣੀ ਦਾ ਅੰਤ ਇੱਕ ਸਿੱਖਿਆ ਨਾਲ ਹੁੰਦਾ ਹੈ।
ਲੇਖਕ ਨੇ ਪਾਤਰਾਂ ਦੀ ਉਸਾਰੀ ਬਹੁਤ ਧਿਆਨ ਨਾਲ ਕੀਤੀ ਹੈ। ਹਰ ਕਹਾਣੀ ਵਿਚ ਇਕ ਨਵਾਂ ਸੁਨੇਹਾ ਛੁਪਿਆ ਹੋਇਆ ਹੈ।
ਛਪਾਈ ਅਤੇ ਸਰਵਰਕ ਵੀ ਆਕਰਸ਼ਕ ਹੈ। ਇਹ ਪੁਸਤਕ ਹਰ ਸਕੂਲ ਦੀ ਲਾਇਬ੍ਰੇਰੀ ਵਿਚ ਹੋਣੀ ਚਾਹੀਦੀ ਹੈ।
ਬੱਚਿਆਂ ਲਈ ਲਿਖੀਆਂ ਗਈਆਂ ਇਹ ਕਹਾਣੀਆਂ ਨਾ ਕੇਵਲ ਮਨੋਰੰਜਨ ਕਰਦੀਆਂ ਹਨ, ਸਗੋਂ ਉਨ੍ਹਾਂ ਨੂੰ ਚੰਗੇ ਸੰਸਕਾਰ ਵੀ ਦਿੰਦੀਆਂ ਹਨ।
ਪੁਸਤਕ ਦੀ ਭਾਸ਼ਾ ਸਰਲ ਅਤੇ ਰੌਚਕ ਹੈ। ਬੱਚੇ ਇਸ ਨੂੰ ਪੜ੍ਹ ਕੇ ਬੋਰ ਨਹੀਂ ਹੁੰਦੇ ਅਤੇ ਕਹਾਣੀ ਦਾ ਅੰਤ ਇੱਕ ਸਿੱਖਿਆ ਨਾਲ ਹੁੰਦਾ ਹੈ।
ਛਪਾਈ ਅਤੇ ਸਰਵਰਕ ਵੀ ਆਕਰਸ਼ਕ ਹੈ। ਇਹ ਪੁਸਤਕ ਹਰ ਸਕੂਲ ਦੀ ਲਾਇਬ੍ਰੇਰੀ ਵਿਚ ਹੋਣੀ ਚਾਹੀਦੀ ਹੈ।
ਬੱਚਿਆਂ ਲਈ ਲਿਖੀਆਂ ਗਈਆਂ ਇਹ ਕਹਾਣੀਆਂ ਨਾ ਕੇਵਲ ਮਨੋਰੰਜਨ ਕਰਦੀਆਂ ਹਨ, ਸਗੋਂ ਉਨ੍ਹਾਂ ਨੂੰ ਚੰਗੇ ਸੰਸਕਾਰ ਵੀ ਦਿੰਦੀਆਂ ਹਨ।
ਲੇਖਕ ਨੇ ਪਾਤਰਾਂ ਦੀ ਉਸਾਰੀ ਬਹੁਤ ਧਿਆਨ ਨਾਲ ਕੀਤੀ ਹੈ। ਹਰ ਕਹਾਣੀ ਵਿਚ ਇਕ ਨਵਾਂ ਸੁਨੇਹਾ ਛੁਪਿਆ ਹੋਇਆ ਹੈ।
—ਅਮਨ ਸਿੰਘ 'ਅਣਖ' ਕੌਰ
ਸਿੱਖ ਧਰਮ ਨੂੰ ਪ੍ਰਣਾਇਆਂ ਮਹਾਨ ਸਿੱਖ ਵਿਦਵਾਨ
ਲੇਖਕ : ਪ੍ਰਗਟ ਸਿੰਘ ਗਰੇਵਾਲ
ਸਫ਼ੇ : 196 ਮੁੱਲ : 250 ਰੁਪਏ
ਫ਼ੋਨ : 98151-33333
ਬੱਚਿਆਂ ਲਈ ਲਿਖੀਆਂ ਗਈਆਂ ਇਹ ਕਹਾਣੀਆਂ ਨਾ ਕੇਵਲ ਮਨੋਰੰਜਨ ਕਰਦੀਆਂ ਹਨ, ਸਗੋਂ ਉਨ੍ਹਾਂ ਨੂੰ ਚੰਗੇ ਸੰਸਕਾਰ ਵੀ ਦਿੰਦੀਆਂ ਹਨ।
ਲੇਖਕ ਨੇ ਪਾਤਰਾਂ ਦੀ ਉਸਾਰੀ ਬਹੁਤ ਧਿਆਨ ਨਾਲ ਕੀਤੀ ਹੈ। ਹਰ ਕਹਾਣੀ ਵਿਚ ਇਕ ਨਵਾਂ ਸੁਨੇਹਾ ਛੁਪਿਆ ਹੋਇਆ ਹੈ।
ਪੁਸਤਕ ਦੀ ਭਾਸ਼ਾ ਸਰਲ ਅਤੇ ਰੌਚਕ ਹੈ। ਬੱਚੇ ਇਸ ਨੂੰ ਪੜ੍ਹ ਕੇ ਬੋਰ ਨਹੀਂ ਹੁੰਦੇ ਅਤੇ ਕਹਾਣੀ ਦਾ ਅੰਤ ਇੱਕ ਸਿੱਖਿਆ ਨਾਲ ਹੁੰਦਾ ਹੈ।
ਪੁਸਤਕ ਦੀ ਭਾਸ਼ਾ ਸਰਲ ਅਤੇ ਰੌਚਕ ਹੈ। ਬੱਚੇ ਇਸ ਨੂੰ ਪੜ੍ਹ ਕੇ ਬੋਰ ਨਹੀਂ ਹੁੰਦੇ ਅਤੇ ਕਹਾਣੀ ਦਾ ਅੰਤ ਇੱਕ ਸਿੱਖਿਆ ਨਾਲ ਹੁੰਦਾ ਹੈ।
ਛਪਾਈ ਅਤੇ ਸਰਵਰਕ ਵੀ ਆਕਰਸ਼ਕ ਹੈ। ਇਹ ਪੁਸਤਕ ਹਰ ਸਕੂਲ ਦੀ ਲਾਇਬ੍ਰੇਰੀ ਵਿਚ ਹੋਣੀ ਚਾਹੀਦੀ ਹੈ।
ਬੱਚਿਆਂ ਲਈ ਲਿਖੀਆਂ ਗਈਆਂ ਇਹ ਕਹਾਣੀਆਂ ਨਾ ਕੇਵਲ ਮਨੋਰੰਜਨ ਕਰਦੀਆਂ ਹਨ, ਸਗੋਂ ਉਨ੍ਹਾਂ ਨੂੰ ਚੰਗੇ ਸੰਸਕਾਰ ਵੀ ਦਿੰਦੀਆਂ ਹਨ।
ਲੇਖਕ ਨੇ ਪਾਤਰਾਂ ਦੀ ਉਸਾਰੀ ਬਹੁਤ ਧਿਆਨ ਨਾਲ ਕੀਤੀ ਹੈ। ਹਰ ਕਹਾਣੀ ਵਿਚ ਇਕ ਨਵਾਂ ਸੁਨੇਹਾ ਛੁਪਿਆ ਹੋਇਆ ਹੈ।
ਪੁਸਤਕ ਦੀ ਭਾਸ਼ਾ ਸਰਲ ਅਤੇ ਰੌਚਕ ਹੈ। ਬੱਚੇ ਇਸ ਨੂੰ ਪੜ੍ਹ ਕੇ ਬੋਰ ਨਹੀਂ ਹੁੰਦੇ ਅਤੇ ਕਹਾਣੀ ਦਾ ਅੰਤ ਇੱਕ ਸਿੱਖਿਆ ਨਾਲ ਹੁੰਦਾ ਹੈ।
—ਗੁਰਮੇਜ ਸਿੰਘ
ਪੰਜਾਬੀ ਸਾਹਿਤ 'ਸੋਹਣੀ ਸੋਚ' ਪੁਸਤਕਾਂ ਦੀ ਦੁਨੀਆ ਦੇ ਸ਼ਾਨਦਾਰ ਲੇਖਕ
ਲੇਖਕ : ਡਾ. ਜਸਵੰਤ ਸਿੰਘ
ਸਫ਼ੇ : 232 ਮੁੱਲ : 300 ਰੁਪਏ
ਫ਼ੋਨ : 88720-11144
ਛਪਾਈ ਅਤੇ ਸਰਵਰਕ ਵੀ ਆਕਰਸ਼ਕ ਹੈ। ਇਹ ਪੁਸਤਕ ਹਰ ਸਕੂਲ ਦੀ ਲਾਇਬ੍ਰੇਰੀ ਵਿਚ ਹੋਣੀ ਚਾਹੀਦੀ ਹੈ।
ਪੁਸਤਕ ਦੀ ਭਾਸ਼ਾ ਸਰਲ ਅਤੇ ਰੌਚਕ ਹੈ। ਬੱਚੇ ਇਸ ਨੂੰ ਪੜ੍ਹ ਕੇ ਬੋਰ ਨਹੀਂ ਹੁੰਦੇ ਅਤੇ ਕਹਾਣੀ ਦਾ ਅੰਤ ਇੱਕ ਸਿੱਖਿਆ ਨਾਲ ਹੁੰਦਾ ਹੈ।
ਲੇਖਕ ਨੇ ਪਾਤਰਾਂ ਦੀ ਉਸਾਰੀ ਬਹੁਤ ਧਿਆਨ ਨਾਲ ਕੀਤੀ ਹੈ। ਹਰ ਕਹਾਣੀ ਵਿਚ ਇਕ ਨਵਾਂ ਸੁਨੇਹਾ ਛੁਪਿਆ ਹੋਇਆ ਹੈ।
ਬੱਚਿਆਂ ਲਈ ਲਿਖੀਆਂ ਗਈਆਂ ਇਹ ਕਹਾਣੀਆਂ ਨਾ ਕੇਵਲ ਮਨੋਰੰਜਨ ਕਰਦੀਆਂ ਹਨ, ਸਗੋਂ ਉਨ੍ਹਾਂ ਨੂੰ ਚੰਗੇ ਸੰਸਕਾਰ ਵੀ ਦਿੰਦੀਆਂ ਹਨ।
ਛਪਾਈ ਅਤੇ ਸਰਵਰਕ ਵੀ ਆਕਰਸ਼ਕ ਹੈ। ਇਹ ਪੁਸਤਕ ਹਰ ਸਕੂਲ ਦੀ ਲਾਇਬ੍ਰੇਰੀ ਵਿਚ ਹੋਣੀ ਚਾਹੀਦੀ ਹੈ।
ਪੁਸਤਕ ਦੀ ਭਾਸ਼ਾ ਸਰਲ ਅਤੇ ਰੌਚਕ ਹੈ। ਬੱਚੇ ਇਸ ਨੂੰ ਪੜ੍ਹ ਕੇ ਬੋਰ ਨਹੀਂ ਹੁੰਦੇ ਅਤੇ ਕਹਾਣੀ ਦਾ ਅੰਤ ਇੱਕ ਸਿੱਖਿਆ ਨਾਲ ਹੁੰਦਾ ਹੈ।
ਲੇਖਕ ਨੇ ਪਾਤਰਾਂ ਦੀ ਉਸਾਰੀ ਬਹੁਤ ਧਿਆਨ ਨਾਲ ਕੀਤੀ ਹੈ। ਹਰ ਕਹਾਣੀ ਵਿਚ ਇਕ ਨਵਾਂ ਸੁਨੇਹਾ ਛੁਪਿਆ ਹੋਇਆ ਹੈ।
ਪੰਜਾਬ ਸਰਗਰਮੀ
ਬੱਚਿਆਂ ਲਈ ਲਿਖੀਆਂ ਗਈਆਂ ਇਹ ਕਹਾਣੀਆਂ ਨਾ ਕੇਵਲ ਮਨੋਰੰਜਨ ਕਰਦੀਆਂ ਹਨ, ਸਗੋਂ ਉਨ੍ਹਾਂ ਨੂੰ ਚੰਗੇ ਸੰਸਕਾਰ ਵੀ ਦਿੰਦੀਆਂ ਹਨ।
ਪੁਸਤਕ ਦੀ ਭਾਸ਼ਾ ਸਰਲ ਅਤੇ ਰੌਚਕ ਹੈ। ਬੱਚੇ ਇਸ ਨੂੰ ਪੜ੍ਹ ਕੇ ਬੋਰ ਨਹੀਂ ਹੁੰਦੇ ਅਤੇ ਕਹਾਣੀ ਦਾ ਅੰਤ ਇੱਕ ਸਿੱਖਿਆ ਨਾਲ ਹੁੰਦਾ ਹੈ।
ਲੇਖਕ ਨੇ ਪਾਤਰਾਂ ਦੀ ਉਸਾਰੀ ਬਹੁਤ ਧਿਆਨ ਨਾਲ ਕੀਤੀ ਹੈ। ਹਰ ਕਹਾਣੀ ਵਿਚ ਇਕ ਨਵਾਂ ਸੁਨੇਹਾ ਛੁਪਿਆ ਹੋਇਆ ਹੈ।
—ਅਮਰਜੀਤ ਸਿੰਘ ਫ਼ਰੀਦਕੋਟੀ
C M Y K
